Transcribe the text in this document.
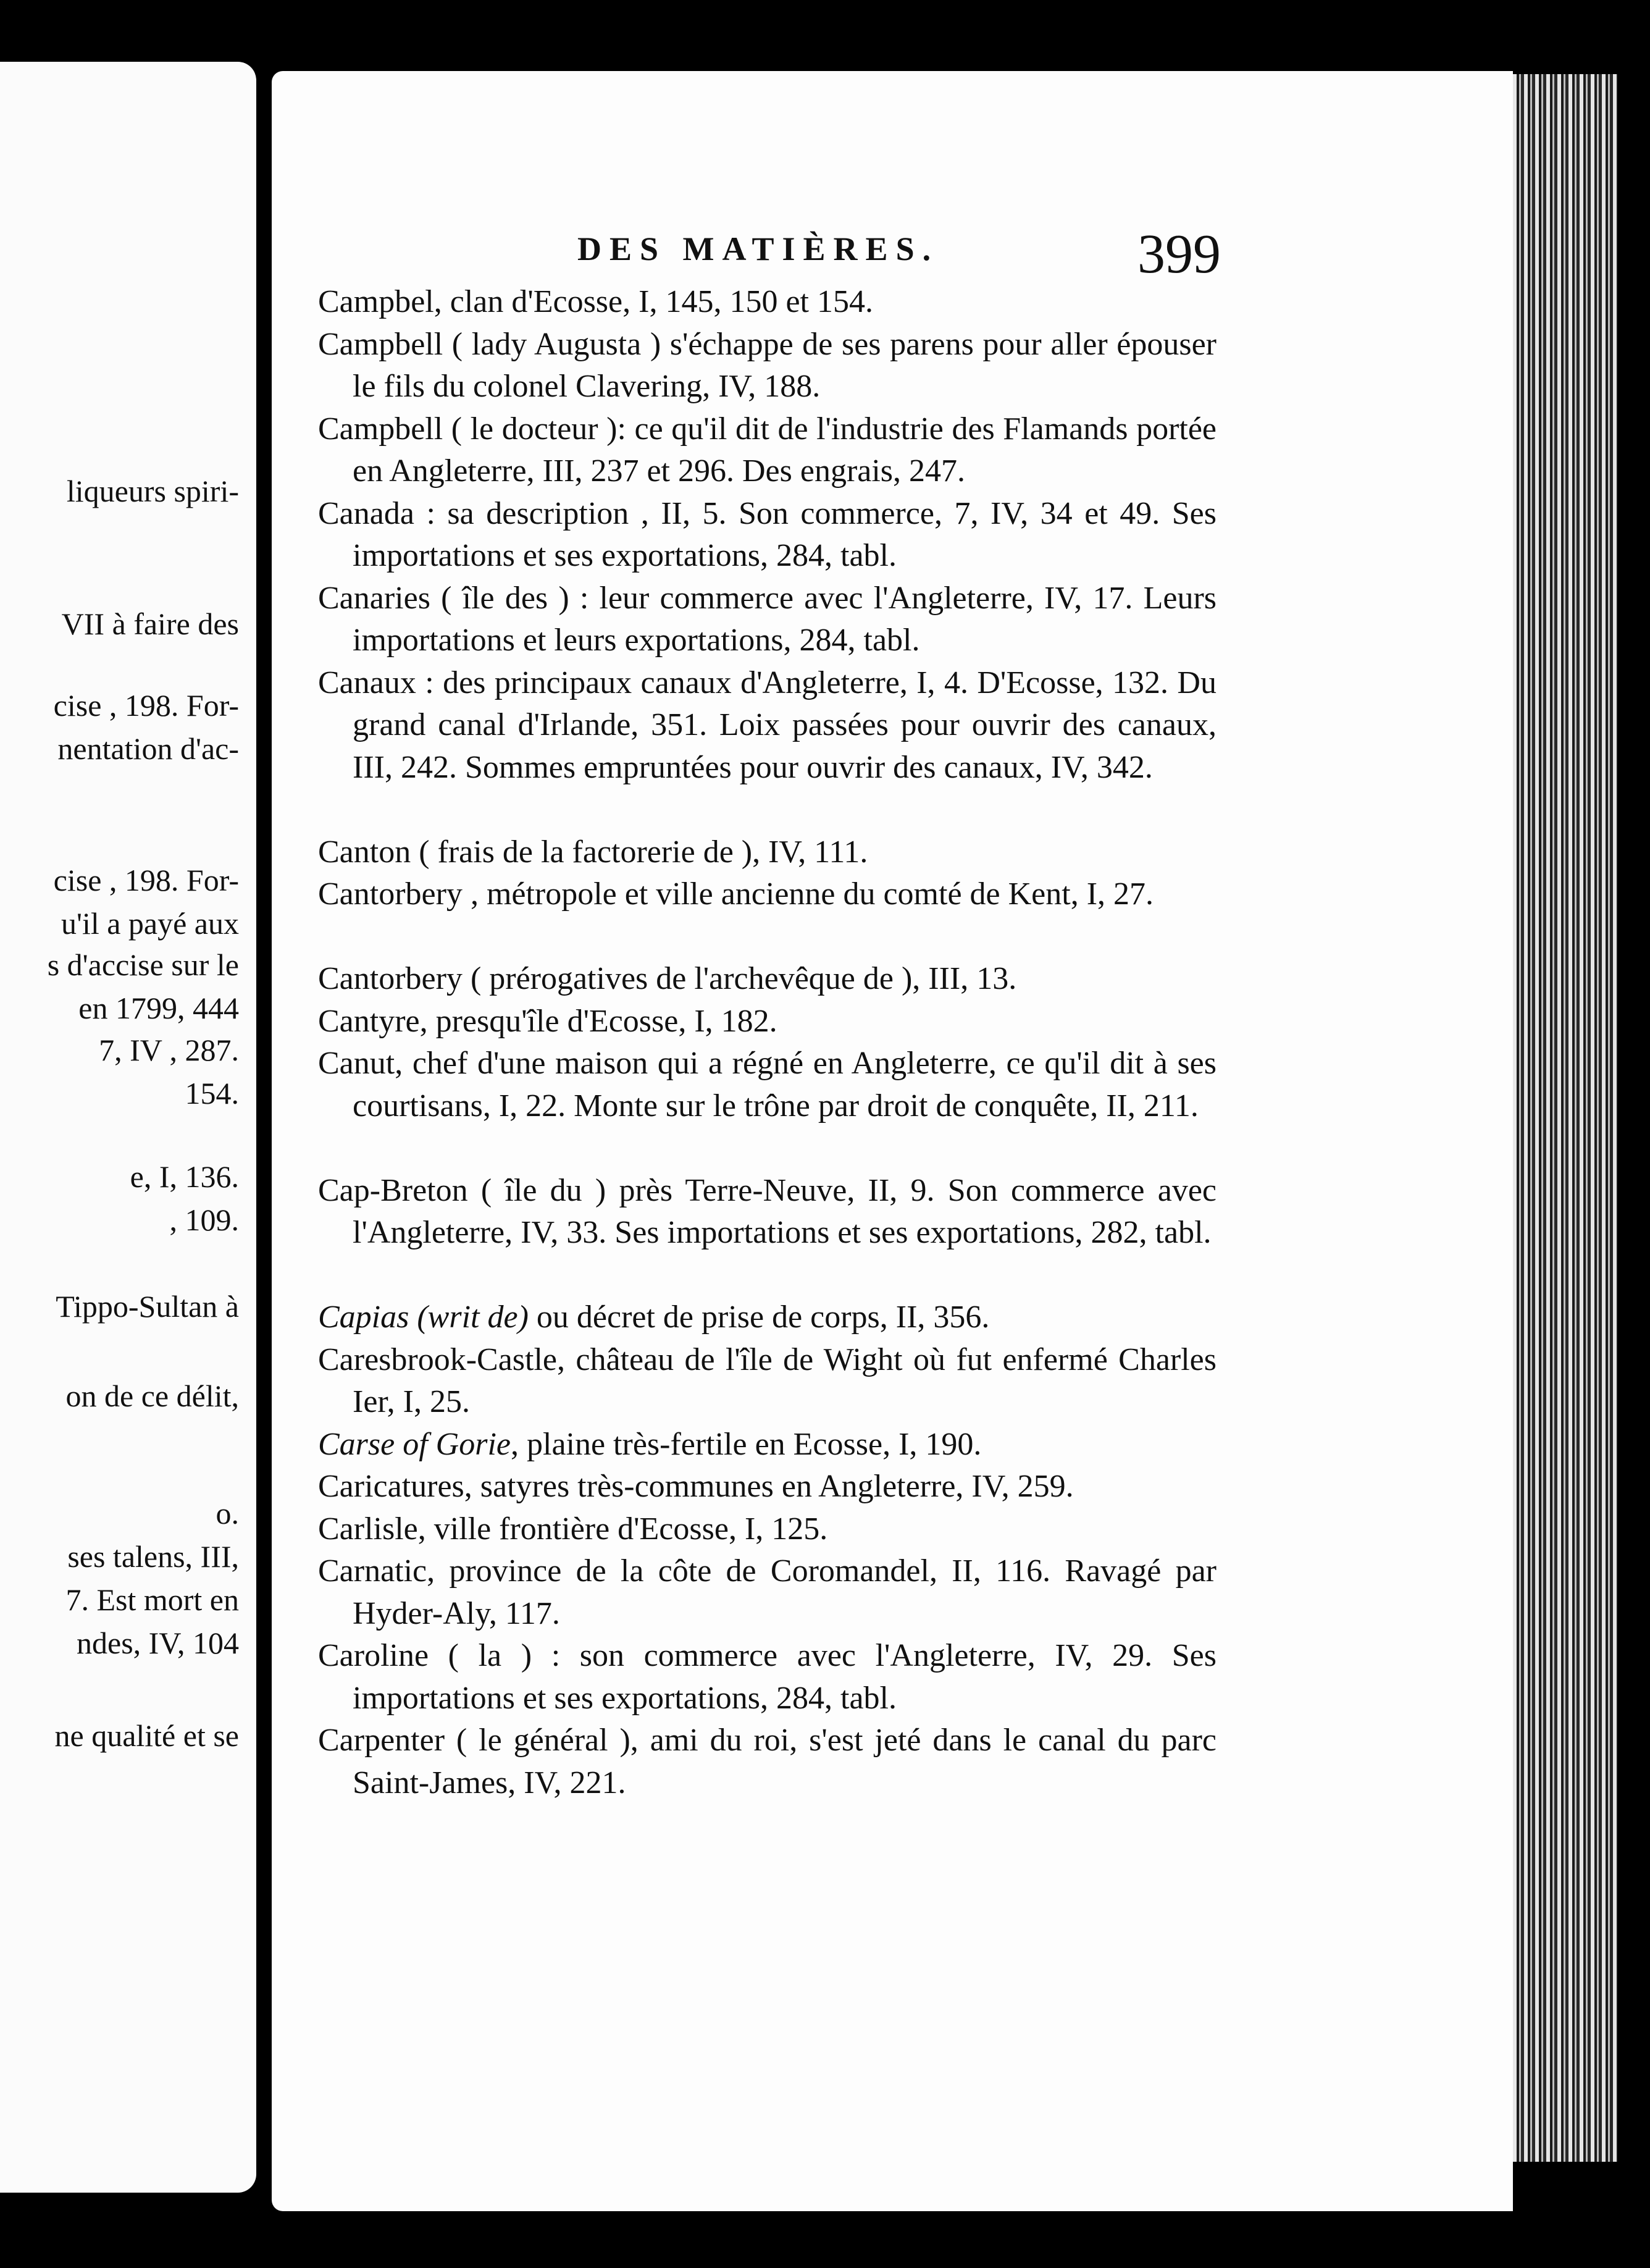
liqueurs spiri-
VII à faire des
cise , 198. For-
nentation d'ac-
cise , 198. For-
u'il a payé aux
s d'accise sur le
en 1799, 444
7, IV , 287.
154.
e, I, 136.
, 109.
Tippo-Sultan à
on de ce délit,
o.
ses talens, III,
7. Est mort en
ndes, IV, 104
ne qualité et se
DES MATIÈRES.	399

Campbel, clan d'Ecosse, I, 145, 150 et 154.

Campbell ( lady Augusta ) s'échappe de ses parens pour aller épouser le fils du colonel Clavering, IV, 188.

Campbell ( le docteur ): ce qu'il dit de l'industrie des Flamands portée en Angleterre, III, 237 et 296. Des engrais, 247.

Canada : sa description , II, 5. Son commerce, 7, IV, 34 et 49. Ses importations et ses exportations, 284, tabl.

Canaries ( île des ) : leur commerce avec l'Angleterre, IV, 17. Leurs importations et leurs exportations, 284, tabl.

Canaux : des principaux canaux d'Angleterre, I, 4. D'Ecosse, 132. Du grand canal d'Irlande, 351. Loix passées pour ouvrir des canaux, III, 242. Sommes empruntées pour ouvrir des canaux, IV, 342.

Canton ( frais de la factorerie de ), IV, 111.

Cantorbery , métropole et ville ancienne du comté de Kent, I, 27.

Cantorbery ( prérogatives de l'archevêque de ), III, 13.

Cantyre, presqu'île d'Ecosse, I, 182.

Canut, chef d'une maison qui a régné en Angleterre, ce qu'il dit à ses courtisans, I, 22. Monte sur le trône par droit de conquête, II, 211.

Cap-Breton ( île du ) près Terre-Neuve, II, 9. Son commerce avec l'Angleterre, IV, 33. Ses importations et ses exportations, 282, tabl.

Capias (writ de) ou décret de prise de corps, II, 356.

Caresbrook-Castle, château de l'île de Wight où fut enfermé Charles Ier, I, 25.

Carse of Gorie, plaine très-fertile en Ecosse, I, 190.

Caricatures, satyres très-communes en Angleterre, IV, 259.

Carlisle, ville frontière d'Ecosse, I, 125.

Carnatic, province de la côte de Coromandel, II, 116. Ravagé par Hyder-Aly, 117.

Caroline ( la ) : son commerce avec l'Angleterre, IV, 29. Ses importations et ses exportations, 284, tabl.

Carpenter ( le général ), ami du roi, s'est jeté dans le canal du parc Saint-James, IV, 221.
